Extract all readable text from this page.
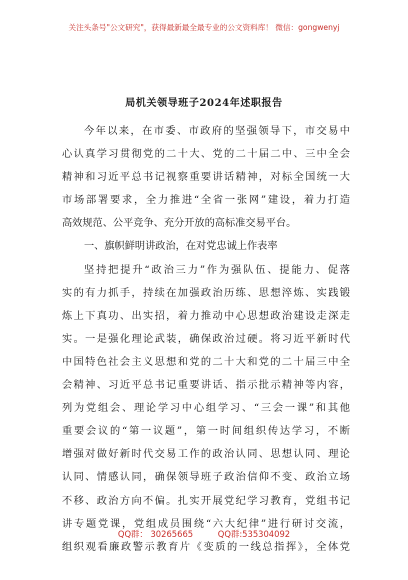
关注头条号"公文研究"，获得最新最全最专业的公文资料库！ 微信：gongwenyj
局机关领导班子2024年述职报告
今年以来，在市委、市政府的坚强领导下，市交易中
心认真学习贯彻党的二十大、党的二十届二中、三中全会
精神和习近平总书记视察重要讲话精神，对标全国统一大
市场部署要求，全力推进“全省一张网”建设，着力打造
高效规范、公平竞争、充分开放的高标准交易平台。
一、旗帜鲜明讲政治，在对党忠诚上作表率
坚持把提升“政治三力”作为强队伍、提能力、促落
实的有力抓手，持续在加强政治历练、思想淬炼、实践锻
炼上下真功、出实招，着力推动中心思想政治建设走深走
实。一是强化理论武装，确保政治过硬。将习近平新时代
中国特色社会主义思想和党的二十大和党的二十届三中全
会精神、习近平总书记重要讲话、指示批示精神等内容，
列为党组会、理论学习中心组学习、“三会一课”和其他
重要会议的“第一议题”，第一时间组织传达学习，不断
增强对做好新时代交易工作的政治认同、思想认同、理论
认同、情感认同，确保领导班子政治信仰不变、政治立场
不移、政治方向不偏。扎实开展党纪学习教育，党组书记
讲专题党课，党组成员围绕“六大纪律”进行研讨交流，
组织观看廉政警示教育片《变质的一线总指挥》，全体党
QQ群： 30265665	QQ群:535304092
